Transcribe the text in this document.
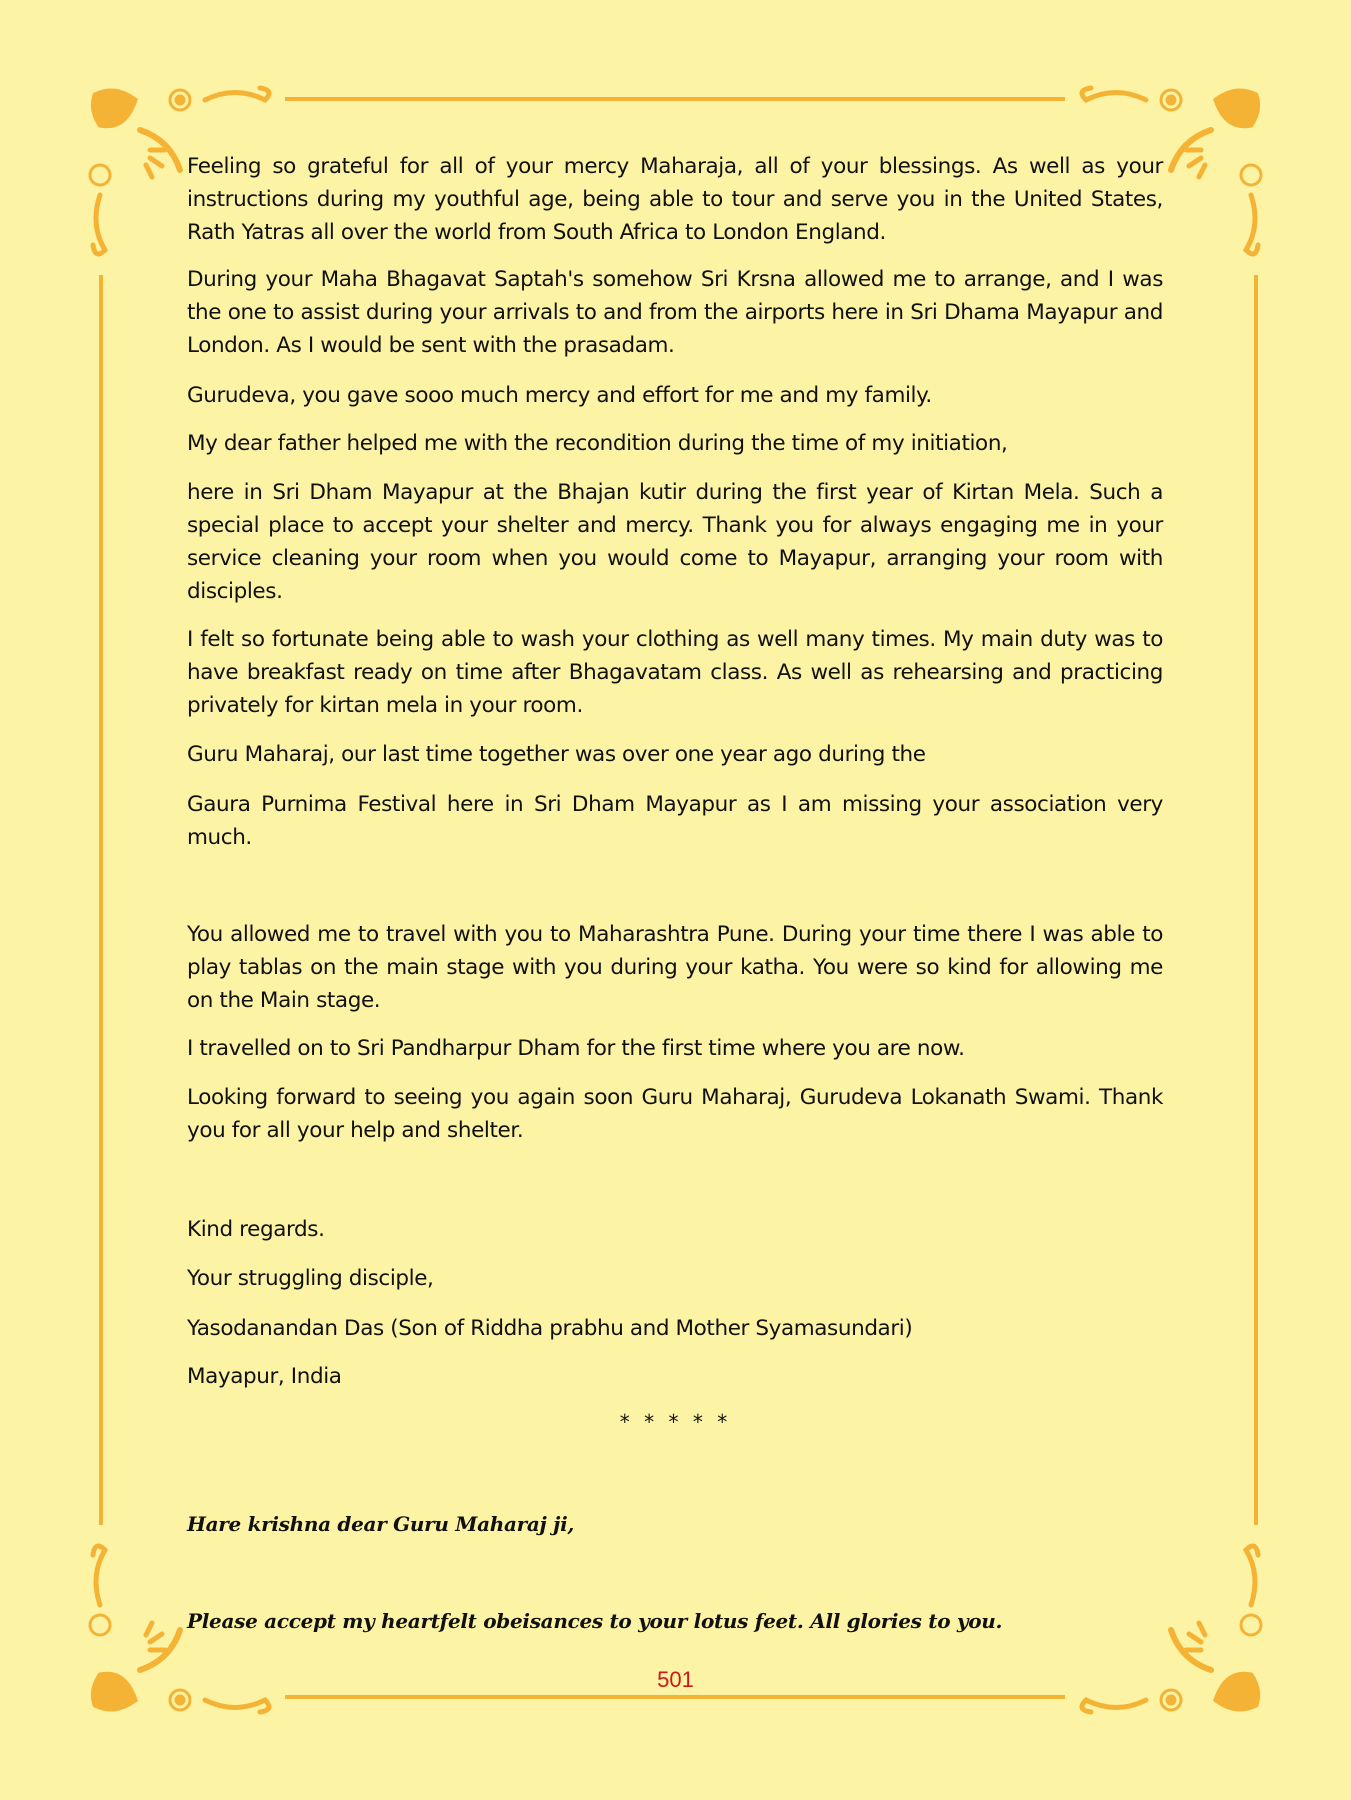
Feeling so grateful for all of your mercy Maharaja, all of your blessings. As well as your instructions during my youthful age, being able to tour and serve you in the United States, Rath Yatras all over the world from South Africa to London England.
During your Maha Bhagavat Saptah's somehow Sri Krsna allowed me to arrange, and I was the one to assist during your arrivals to and from the airports here in Sri Dhama Mayapur and London. As I would be sent with the prasadam.
Gurudeva, you gave sooo much mercy and effort for me and my family.
My dear father helped me with the recondition during the time of my initiation,
here in Sri Dham Mayapur at the Bhajan kutir during the first year of Kirtan Mela. Such a special place to accept your shelter and mercy. Thank you for always engaging me in your service cleaning your room when you would come to Mayapur, arranging your room with disciples.
I felt so fortunate being able to wash your clothing as well many times. My main duty was to have breakfast ready on time after Bhagavatam class. As well as rehearsing and practicing privately for kirtan mela in your room.
Guru Maharaj, our last time together was over one year ago during the
Gaura Purnima Festival here in Sri Dham Mayapur as I am missing your association very much.
You allowed me to travel with you to Maharashtra Pune. During your time there I was able to play tablas on the main stage with you during your katha. You were so kind for allowing me on the Main stage.
I travelled on to Sri Pandharpur Dham for the first time where you are now.
Looking forward to seeing you again soon Guru Maharaj, Gurudeva Lokanath Swami. Thank you for all your help and shelter.
Kind regards.
Your struggling disciple,
Yasodanandan Das (Son of Riddha prabhu and Mother Syamasundari)
Mayapur, India
* * * * *
Hare krishna dear Guru Maharaj ji,
Please accept my heartfelt obeisances to your lotus feet. All glories to you.
501
